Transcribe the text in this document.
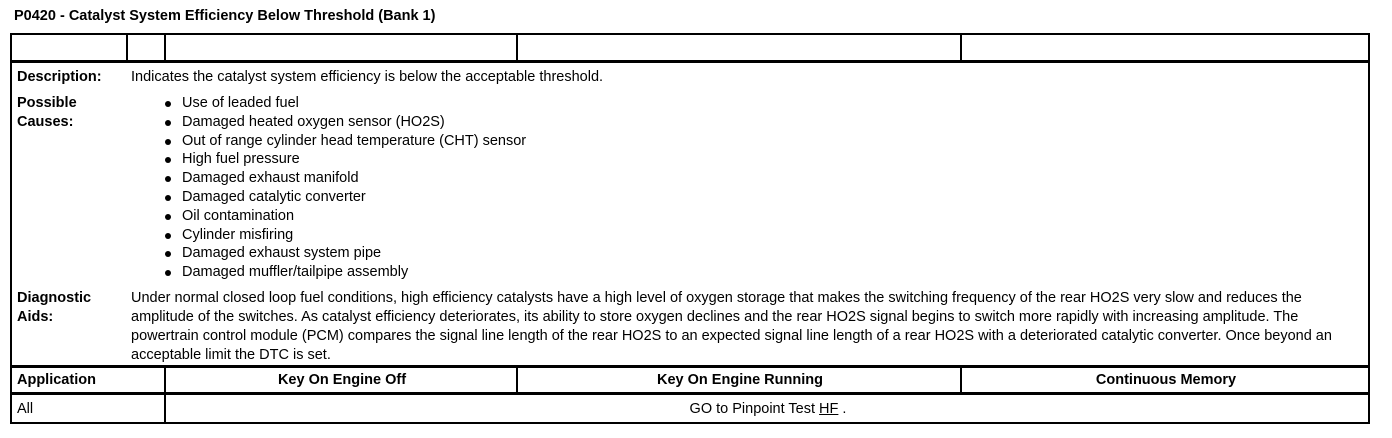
P0420 - Catalyst System Efficiency Below Threshold (Bank 1)
Description: Indicates the catalyst system efficiency is below the acceptable threshold.
Possible
Causes:
Use of leaded fuel
Damaged heated oxygen sensor (HO2S)
Out of range cylinder head temperature (CHT) sensor
High fuel pressure
Damaged exhaust manifold
Damaged catalytic converter
Oil contamination
Cylinder misfiring
Damaged exhaust system pipe
Damaged muffler/tailpipe assembly
Diagnostic
Aids:
Under normal closed loop fuel conditions, high efficiency catalysts have a high level of oxygen storage that makes the switching frequency of the rear HO2S very slow and reduces the amplitude of the switches. As catalyst efficiency deteriorates, its ability to store oxygen declines and the rear HO2S signal begins to switch more rapidly with increasing amplitude. The powertrain control module (PCM) compares the signal line length of the rear HO2S to an expected signal line length of a rear HO2S with a deteriorated catalytic converter. Once beyond an acceptable limit the DTC is set.
Application	Key On Engine Off	Key On Engine Running	Continuous Memory
All	GO to Pinpoint Test HF .
